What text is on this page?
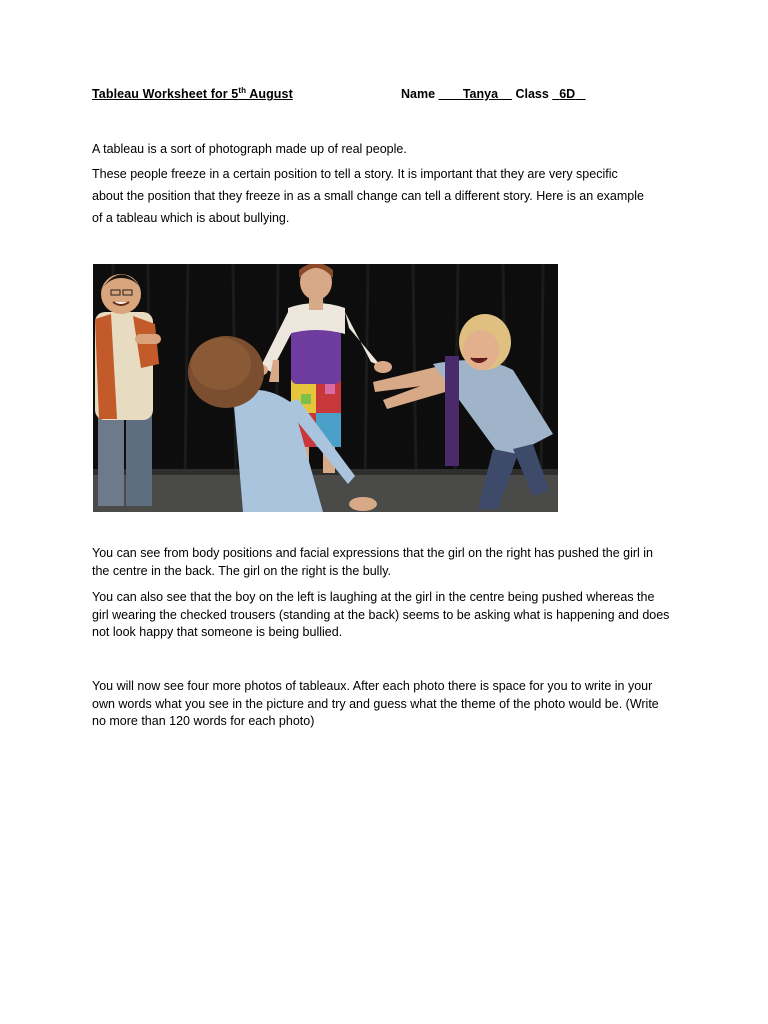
Tableau Worksheet for 5th August	Name Tanya Class 6D

A tableau is a sort of photograph made up of real people.

These people freeze in a certain position to tell a story. It is important that they are very specific about the position that they freeze in as a small change can tell a different story. Here is an example of a tableau which is about bullying.

You can see from body positions and facial expressions that the girl on the right has pushed the girl in the centre in the back. The girl on the right is the bully.

You can also see that the boy on the left is laughing at the girl in the centre being pushed whereas the girl wearing the checked trousers (standing at the back) seems to be asking what is happening and does not look happy that someone is being bullied.

You will now see four more photos of tableaux. After each photo there is space for you to write in your own words what you see in the picture and try and guess what the theme of the photo would be. (Write no more than 120 words for each photo)
